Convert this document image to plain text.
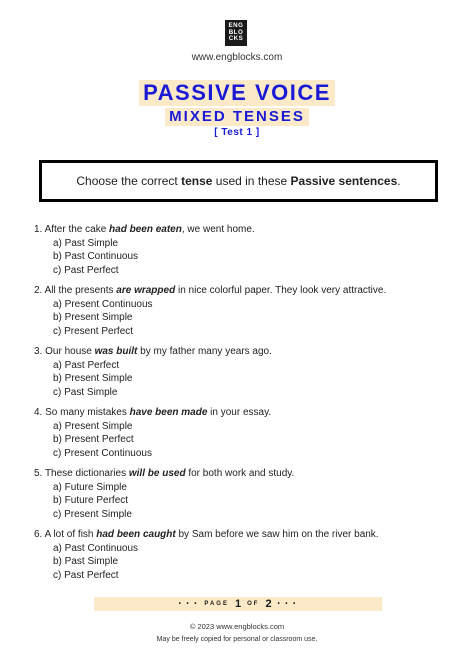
ENG
BLO
CKS
www.engblocks.com
PASSIVE VOICE
MIXED TENSES
[ Test 1 ]
Choose the correct tense used in these Passive sentences.
1. After the cake had been eaten, we went home.
a) Past Simple
b) Past Continuous
c) Past Perfect
2. All the presents are wrapped in nice colorful paper. They look very attractive.
a) Present Continuous
b) Present Simple
c) Present Perfect
3. Our house was built by my father many years ago.
a) Past Perfect
b) Present Simple
c) Past Simple
4. So many mistakes have been made in your essay.
a) Present Simple
b) Present Perfect
c) Present Continuous
5. These dictionaries will be used for both work and study.
a) Future Simple
b) Future Perfect
c) Present Simple
6. A lot of fish had been caught by Sam before we saw him on the river bank.
a) Past Continuous
b) Past Simple
c) Past Perfect
• • • PAGE 1 OF 2 • • •
© 2023 www.engblocks.com
May be freely copied for personal or classroom use.
